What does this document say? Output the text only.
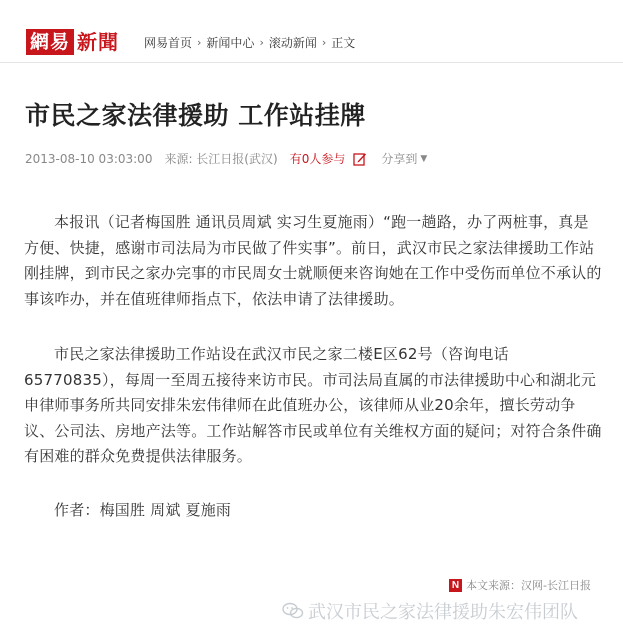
網易 新聞 网易首页 › 新闻中心 › 滚动新闻 › 正文
市民之家法律援助 工作站挂牌
2013-08-10 03:03:00 来源: 长江日报(武汉) 有0人参与	分享到 ▼

本报讯（记者梅国胜 通讯员周斌 实习生夏施雨）“跑一趟路，办了两桩事，真是方便、快捷，感谢市司法局为市民做了件实事”。前日，武汉市民之家法律援助工作站刚挂牌，到市民之家办完事的市民周女士就顺便来咨询她在工作中受伤而单位不承认的事该咋办，并在值班律师指点下，依法申请了法律援助。

市民之家法律援助工作站设在武汉市民之家二楼E区62号（咨询电话65770835），每周一至周五接待来访市民。市司法局直属的市法律援助中心和湖北元申律师事务所共同安排朱宏伟律师在此值班办公，该律师从业20余年，擅长劳动争议、公司法、房地产法等。工作站解答市民或单位有关维权方面的疑问；对符合条件确有困难的群众免费提供法律服务。

作者：梅国胜 周斌 夏施雨

N 本文来源：汉网-长江日报
武汉市民之家法律援助朱宏伟团队
